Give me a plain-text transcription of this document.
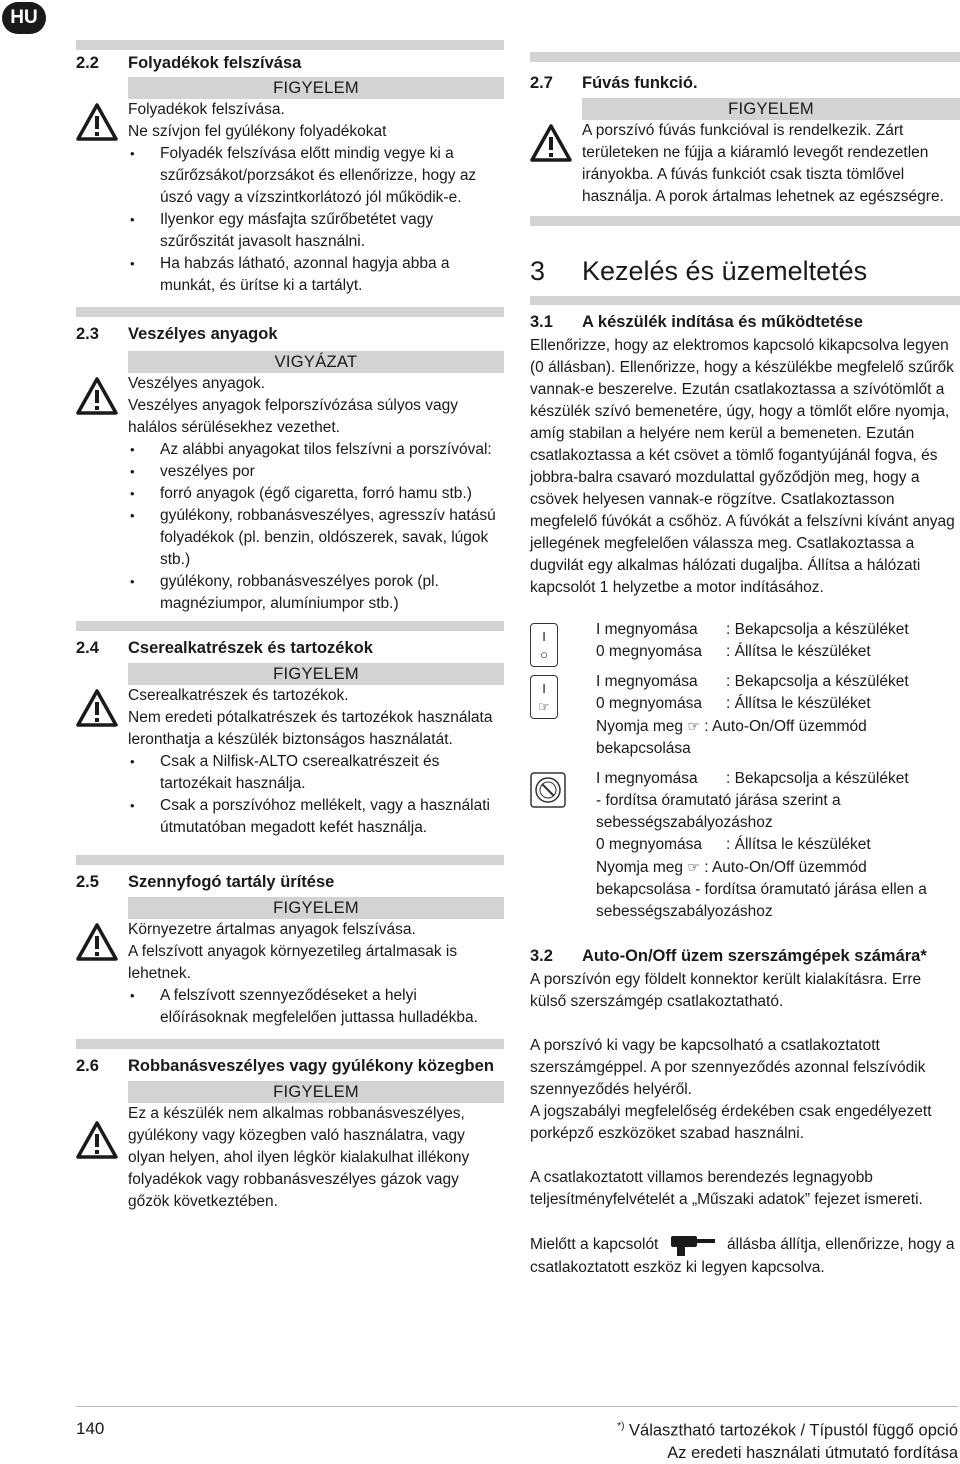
HU
2.2	Folyadékok felszívása
FIGYELEM

Folyadékok felszívása.

Ne szívjon fel gyúlékony folyadékokat

• Folyadék felszívása előtt mindig vegye ki a szűrőzsákot/porzsákot és ellenőrizze, hogy az úszó vagy a vízszintkorlátozó jól működik-e.
• Ilyenkor egy másfajta szűrőbetétet vagy szűrőszitát javasolt használni.
• Ha habzás látható, azonnal hagyja abba a munkát, és ürítse ki a tartályt.
2.3	Veszélyes anyagok
VIGYÁZAT

Veszélyes anyagok.

Veszélyes anyagok felporszívózása súlyos vagy halálos sérülésekhez vezethet.

• Az alábbi anyagokat tilos felszívni a porszívóval:
• veszélyes por
• forró anyagok (égő cigaretta, forró hamu stb.)
• gyúlékony, robbanásveszélyes, agresszív hatású folyadékok (pl. benzin, oldószerek, savak, lúgok stb.)
• gyúlékony, robbanásveszélyes porok (pl. magnéziumpor, alumíniumpor stb.)
2.4	Cserealkatrészek és tartozékok
FIGYELEM

Cserealkatrészek és tartozékok.

Nem eredeti pótalkatrészek és tartozékok használata leronthatja a készülék biztonságos használatát.

• Csak a Nilfisk-ALTO cserealkatrészeit és tartozékait használja.
• Csak a porszívóhoz mellékelt, vagy a használati útmutatóban megadott kefét használja.
2.5	Szennyfogó tartály ürítése
FIGYELEM

Környezetre ártalmas anyagok felszívása.

A felszívott anyagok környezetileg ártalmasak is lehetnek.

• A felszívott szennyeződéseket a helyi előírásoknak megfelelően juttassa hulladékba.
2.6	Robbanásveszélyes vagy gyúlékony közegben
FIGYELEM

Ez a készülék nem alkalmas robbanásveszélyes, gyúlékony vagy közegben való használatra, vagy olyan helyen, ahol ilyen légkör kialakulhat illékony folyadékok vagy robbanásveszélyes gázok vagy gőzök következtében.

2.7	Fúvás funkció.
FIGYELEM

A porszívó fúvás funkcióval is rendelkezik. Zárt területeken ne fújja a kiáramló levegőt rendezetlen irányokba. A fúvás funkciót csak tiszta tömlővel használja. A porok ártalmas lehetnek az egészségre.

3	Kezelés és üzemeltetés
3.1	A készülék indítása és működtetése

Ellenőrizze, hogy az elektromos kapcsoló kikapcsolva legyen (0 állásban). Ellenőrizze, hogy a készülékbe megfelelő szűrők vannak-e beszerelve. Ezután csatlakoztassa a szívótömlőt a készülék szívó bemenetére, úgy, hogy a tömlőt előre nyomja, amíg stabilan a helyére nem kerül a bemeneten. Ezután csatlakoztassa a két csövet a tömlő fogantyújánál fogva, és jobbra-balra csavaró mozdulattal győződjön meg, hogy a csövek helyesen vannak-e rögzítve. Csatlakoztasson megfelelő fúvókát a csőhöz. A fúvókát a felszívni kívánt anyag jellegének megfelelően válassza meg. Csatlakoztassa a dugvilát egy alkalmas hálózati dugaljba. Állítsa a hálózati kapcsolót 1 helyzetbe a motor indításához.

I
○
I megnyomása	: Bekapcsolja a készüléket
0 megnyomása	: Állítsa le készüléket
I
☞
I megnyomása	: Bekapcsolja a készüléket
0 megnyomása	: Állítsa le készüléket
Nyomja meg ☞ : Auto-On/Off üzemmód bekapcsolása
I megnyomása	: Bekapcsolja a készüléket
- fordítsa óramutató járása szerint a sebességszabályozáshoz
0 megnyomása	: Állítsa le készüléket
Nyomja meg ☞ : Auto-On/Off üzemmód bekapcsolása - fordítsa óramutató járása ellen a sebességszabályozáshoz
3.2	Auto-On/Off üzem szerszámgépek számára*

A porszívón egy földelt konnektor került kialakításra. Erre külső szerszámgép csatlakoztatható.

A porszívó ki vagy be kapcsolható a csatlakoztatott szerszámgéppel. A por szennyeződés azonnal felszívódik szennyeződés helyéről.

A jogszabályi megfelelőség érdekében csak engedélyezett porképző eszközöket szabad használni.

A csatlakoztatott villamos berendezés legnagyobb teljesítményfelvételét a „Műszaki adatok” fejezet ismereti.

Mielőtt a kapcsolót	állásba állítja, ellenőrizze, hogy a csatlakoztatott eszköz ki legyen kapcsolva.

140	*) Választható tartozékok / Típustól függő opció
Az eredeti használati útmutató fordítása
